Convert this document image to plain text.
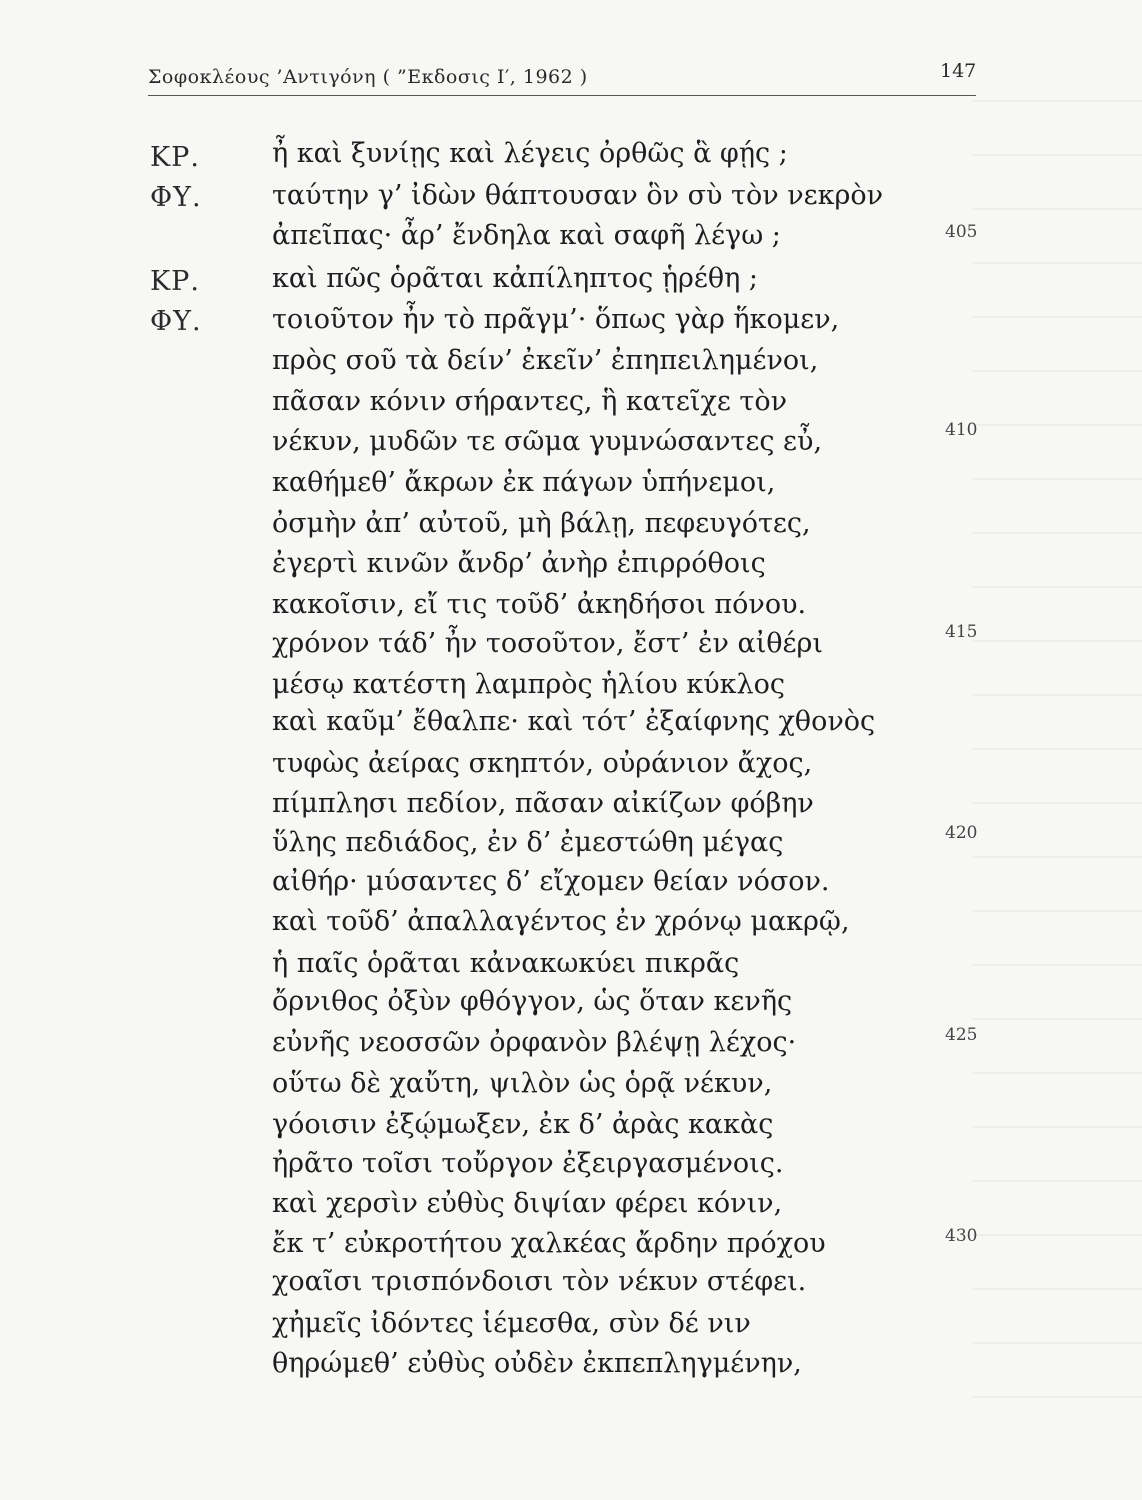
Σοφοκλέους ’Αντιγόνη ( ”Εκδοσις Ι′, 1962 )	147
ΚΡ.
ΦΥ.
ΚΡ.
ΦΥ.
ἦ καὶ ξυνίῃς καὶ λέγεις ὀρθῶς ἃ φῄς ;
ταύτην γ’ ἰδὼν θάπτουσαν ὃν σὺ τὸν νεκρὸν
ἀπεῖπας· ἆρ’ ἔνδηλα καὶ σαφῆ λέγω ;
καὶ πῶς ὁρᾶται κἀπίληπτος ᾑρέθη ;
τοιοῦτον ἦν τὸ πρᾶγμ’· ὅπως γὰρ ἥκομεν,
πρὸς σοῦ τὰ δείν’ ἐκεῖν’ ἐπηπειλημένοι,
πᾶσαν κόνιν σήραντες, ἣ κατεῖχε τὸν
νέκυν, μυδῶν τε σῶμα γυμνώσαντες εὖ,
καθήμεθ’ ἄκρων ἐκ πάγων ὑπήνεμοι,
ὀσμὴν ἀπ’ αὐτοῦ, μὴ βάλῃ, πεφευγότες,
ἐγερτὶ κινῶν ἄνδρ’ ἀνὴρ ἐπιρρόθοις
κακοῖσιν, εἴ τις τοῦδ’ ἀκηδήσοι πόνου.
χρόνον τάδ’ ἦν τοσοῦτον, ἔστ’ ἐν αἰθέρι
μέσῳ κατέστη λαμπρὸς ἡλίου κύκλος
καὶ καῦμ’ ἔθαλπε· καὶ τότ’ ἐξαίφνης χθονὸς
τυφὼς ἀείρας σκηπτόν, οὐράνιον ἄχος,
πίμπλησι πεδίον, πᾶσαν αἰκίζων φόβην
ὕλης πεδιάδος, ἐν δ’ ἐμεστώθη μέγας
αἰθήρ· μύσαντες δ’ εἴχομεν θείαν νόσον.
καὶ τοῦδ’ ἀπαλλαγέντος ἐν χρόνῳ μακρῷ,
ἡ παῖς ὁρᾶται κἀνακωκύει πικρᾶς
ὄρνιθος ὀξὺν φθόγγον, ὡς ὅταν κενῆς
εὐνῆς νεοσσῶν ὀρφανὸν βλέψῃ λέχος·
οὕτω δὲ χαὔτη, ψιλὸν ὡς ὁρᾷ νέκυν,
γόοισιν ἐξῴμωξεν, ἐκ δ’ ἀρὰς κακὰς
ἠρᾶτο τοῖσι τοὔργον ἐξειργασμένοις.
καὶ χερσὶν εὐθὺς διψίαν φέρει κόνιν,
ἔκ τ’ εὐκροτήτου χαλκέας ἄρδην πρόχου
χοαῖσι τρισπόνδοισι τὸν νέκυν στέφει.
χἠμεῖς ἰδόντες ἱέμεσθα, σὺν δέ νιν
θηρώμεθ’ εὐθὺς οὐδὲν ἐκπεπληγμένην,
405
410
415
420
425
430
